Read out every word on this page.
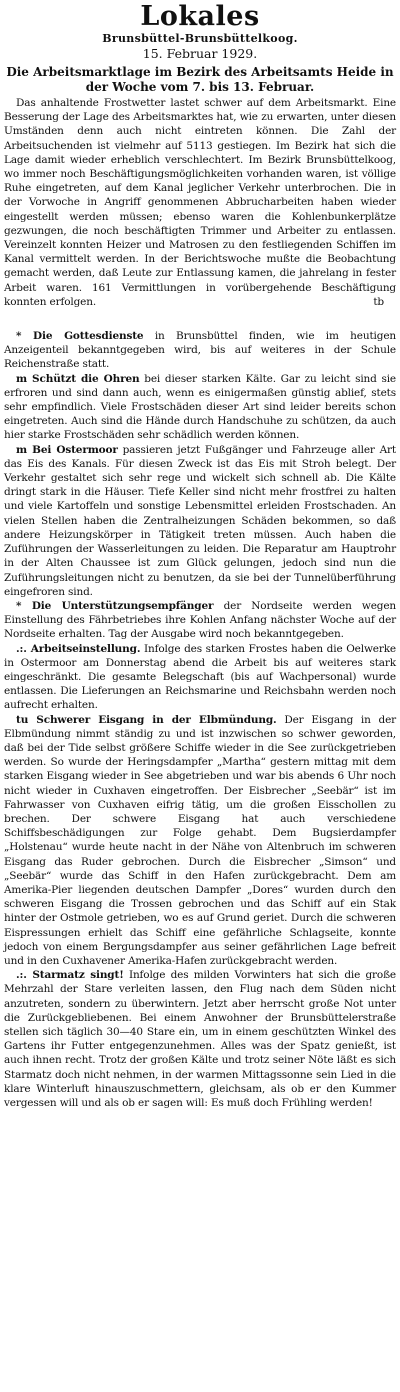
Lokales
Brunsbüttel-Brunsbüttelkoog.
15. Februar 1929.
Die Arbeitsmarktlage im Bezirk des Arbeitsamts Heide in der Woche vom 7. bis 13. Februar.

Das anhaltende Frostwetter lastet schwer auf dem Arbeitsmarkt. Eine Besserung der Lage des Arbeitsmarktes hat, wie zu erwarten, unter diesen Umständen denn auch nicht eintreten können. Die Zahl der Arbeitsuchenden ist vielmehr auf 5113 gestiegen. Im Bezirk hat sich die Lage damit wieder erheblich verschlechtert. Im Bezirk Brunsbüttelkoog, wo immer noch Beschäftigungsmöglichkeiten vorhanden waren, ist völlige Ruhe eingetreten, auf dem Kanal jeglicher Verkehr unterbrochen. Die in der Vorwoche in Angriff genommenen Abbrucharbeiten haben wieder eingestellt werden müssen; ebenso waren die Kohlenbunkerplätze gezwungen, die noch beschäftigten Trimmer und Arbeiter zu entlassen. Vereinzelt konnten Heizer und Matrosen zu den festliegenden Schiffen im Kanal vermittelt werden. In der Berichtswoche mußte die Beobachtung gemacht werden, daß Leute zur Entlassung kamen, die jahrelang in fester Arbeit waren. 161 Vermittlungen in vorübergehende Beschäftigung konnten erfolgen.	tb

* Die Gottesdienste in Brunsbüttel finden, wie im heutigen Anzeigenteil bekanntgegeben wird, bis auf weiteres in der Schule Reichenstraße statt.

m Schützt die Ohren bei dieser starken Kälte. Gar zu leicht sind sie erfroren und sind dann auch, wenn es einigermaßen günstig ablief, stets sehr empfindlich. Viele Frostschäden dieser Art sind leider bereits schon eingetreten. Auch sind die Hände durch Handschuhe zu schützen, da auch hier starke Frostschäden sehr schädlich werden können.

m Bei Ostermoor passieren jetzt Fußgänger und Fahrzeuge aller Art das Eis des Kanals. Für diesen Zweck ist das Eis mit Stroh belegt. Der Verkehr gestaltet sich sehr rege und wickelt sich schnell ab. Die Kälte dringt stark in die Häuser. Tiefe Keller sind nicht mehr frostfrei zu halten und viele Kartoffeln und sonstige Lebensmittel erleiden Frostschaden. An vielen Stellen haben die Zentralheizungen Schäden bekommen, so daß andere Heizungskörper in Tätigkeit treten müssen. Auch haben die Zuführungen der Wasserleitungen zu leiden. Die Reparatur am Hauptrohr in der Alten Chaussee ist zum Glück gelungen, jedoch sind nun die Zuführungsleitungen nicht zu benutzen, da sie bei der Tunnelüberführung eingefroren sind.

* Die Unterstützungsempfänger der Nordseite werden wegen Einstellung des Fährbetriebes ihre Kohlen Anfang nächster Woche auf der Nordseite erhalten. Tag der Ausgabe wird noch bekanntgegeben.

.:. Arbeitseinstellung. Infolge des starken Frostes haben die Oelwerke in Ostermoor am Donnerstag abend die Arbeit bis auf weiteres stark eingeschränkt. Die gesamte Belegschaft (bis auf Wachpersonal) wurde entlassen. Die Lieferungen an Reichsmarine und Reichsbahn werden noch aufrecht erhalten.

tu Schwerer Eisgang in der Elbmündung. Der Eisgang in der Elbmündung nimmt ständig zu und ist inzwischen so schwer geworden, daß bei der Tide selbst größere Schiffe wieder in die See zurückgetrieben werden. So wurde der Heringsdampfer „Martha“ gestern mittag mit dem starken Eisgang wieder in See abgetrieben und war bis abends 6 Uhr noch nicht wieder in Cuxhaven eingetroffen. Der Eisbrecher „Seebär“ ist im Fahrwasser von Cuxhaven eifrig tätig, um die großen Eisschollen zu brechen. Der schwere Eisgang hat auch verschiedene Schiffsbeschädigungen zur Folge gehabt. Dem Bugsierdampfer „Holstenau“ wurde heute nacht in der Nähe von Altenbruch im schweren Eisgang das Ruder gebrochen. Durch die Eisbrecher „Simson“ und „Seebär“ wurde das Schiff in den Hafen zurückgebracht. Dem am Amerika-Pier liegenden deutschen Dampfer „Dores“ wurden durch den schweren Eisgang die Trossen gebrochen und das Schiff auf ein Stak hinter der Ostmole getrieben, wo es auf Grund geriet. Durch die schweren Eispressungen erhielt das Schiff eine gefährliche Schlagseite, konnte jedoch von einem Bergungsdampfer aus seiner gefährlichen Lage befreit und in den Cuxhavener Amerika-Hafen zurückgebracht werden.

.:. Starmatz singt! Infolge des milden Vorwinters hat sich die große Mehrzahl der Stare verleiten lassen, den Flug nach dem Süden nicht anzutreten, sondern zu überwintern. Jetzt aber herrscht große Not unter die Zurückgebliebenen. Bei einem Anwohner der Brunsbüttelerstraße stellen sich täglich 30—40 Stare ein, um in einem geschützten Winkel des Gartens ihr Futter entgegenzunehmen. Alles was der Spatz genießt, ist auch ihnen recht. Trotz der großen Kälte und trotz seiner Nöte läßt es sich Starmatz doch nicht nehmen, in der warmen Mittagssonne sein Lied in die klare Winterluft hinauszuschmettern, gleichsam, als ob er den Kummer vergessen will und als ob er sagen will: Es muß doch Frühling werden!
